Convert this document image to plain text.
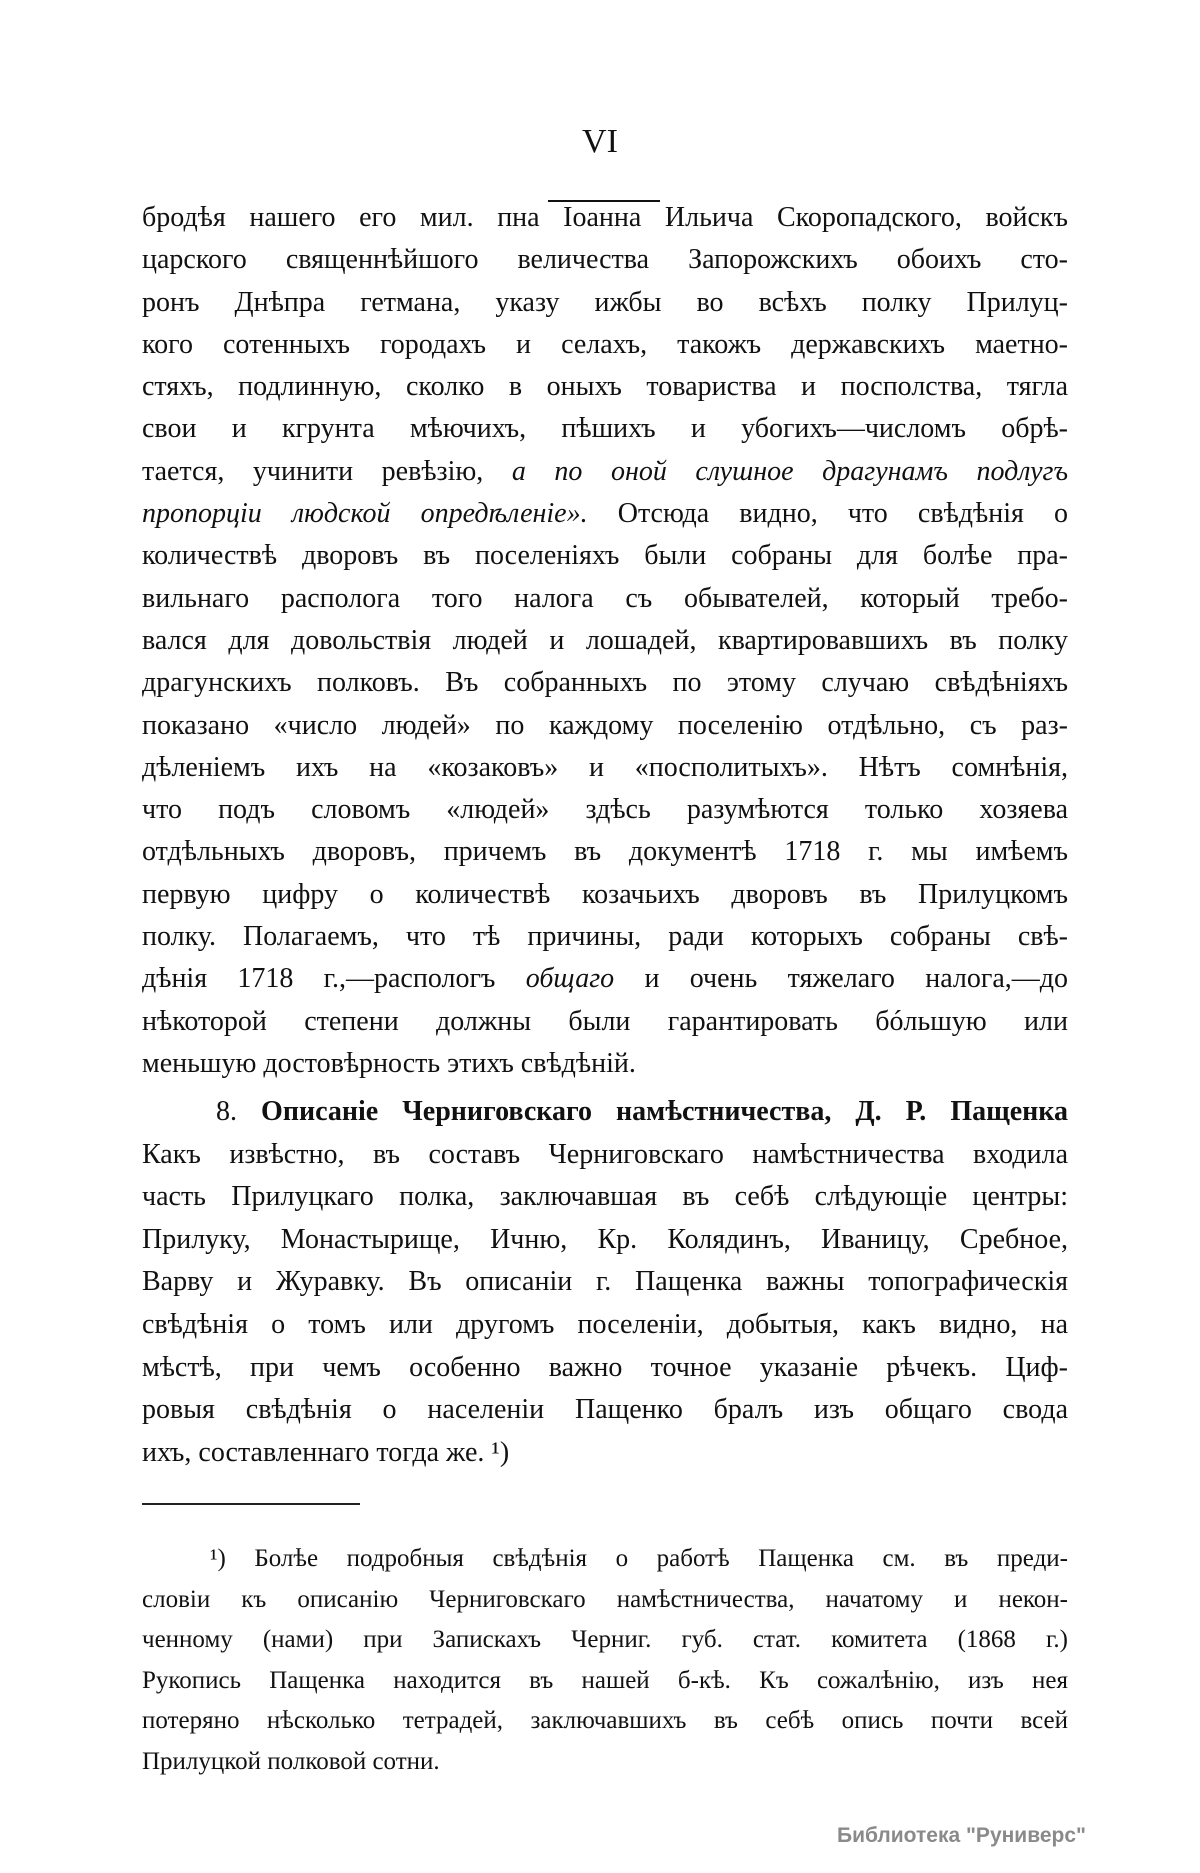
VI
бродѣя нашего его мил. пна Iоанна Ильича Скоропадского, войскъ
царского священнѣйшого величества Запорожскихъ обоихъ сто-
ронъ Днѣпра гетмана, указу ижбы во всѣхъ полку Прилуц-
кого сотенныхъ городахъ и селахъ, такожъ державскихъ маетно-
стяхъ, подлинную, сколко в оныхъ товариства и посполства, тягла
свои и кгрунта мѣючихъ, пѣшихъ и убогихъ—числомъ обрѣ-
тается, учинити ревѣзiю, а по оной слушное драгунамъ подлугъ
пропорцiи людской опредѣленiе». Отсюда видно, что свѣдѣнiя о
количествѣ дворовъ въ поселенiяхъ были собраны для болѣе пра-
вильнаго распологa того налога съ обывателей, который требо-
вался для довольствiя людей и лошадей, квартировавшихъ въ полку
драгунскихъ полковъ. Въ собранныхъ по этому случаю свѣдѣнiяхъ
показано «число людей» по каждому поселенiю отдѣльно, съ раз-
дѣленiемъ ихъ на «козаковъ» и «посполитыхъ». Нѣтъ сомнѣнiя,
что подъ словомъ «людей» здѣсь разумѣются только хозяева
отдѣльныхъ дворовъ, причемъ въ документѣ 1718 г. мы имѣемъ
первую цифру о количествѣ козачьихъ дворовъ въ Прилуцкомъ
полку. Полагаемъ, что тѣ причины, ради которыхъ собраны свѣ-
дѣнiя 1718 г.,—распологъ общаго и очень тяжелаго налога,—до
нѣкоторой степени должны были гарантировать бóльшую или
меньшую достовѣрность этихъ свѣдѣнiй.
8. Описанiе Черниговскаго намѣстничества, Д. Р. Пащенка
Какъ извѣстно, въ составъ Черниговскаго намѣстничества входила
часть Прилуцкаго полка, заключавшая въ себѣ слѣдующiе центры:
Прилуку, Монастырище, Ичню, Кр. Колядинъ, Иваницу, Сребное,
Варву и Журавку. Въ описанiи г. Пащенка важны топографическiя
свѣдѣнiя о томъ или другомъ поселенiи, добытыя, какъ видно, на
мѣстѣ, при чемъ особенно важно точное указанiе рѣчекъ. Циф-
ровыя свѣдѣнiя о населенiи Пащенко бралъ изъ общаго свода
ихъ, составленнаго тогда же. ¹)
¹) Болѣе подробныя свѣдѣнiя о работѣ Пащенка см. въ преди-
словiи къ описанiю Черниговскаго намѣстничества, начатому и некон-
ченному (нами) при Запискахъ Черниг. губ. стат. комитета (1868 г.)
Рукопись Пащенка находится въ нашей б-кѣ. Къ сожалѣнiю, изъ нея
потеряно нѣсколько тетрадей, заключавшихъ въ себѣ опись почти всей
Прилуцкой полковой сотни.
Библиотека "Руниверс"
